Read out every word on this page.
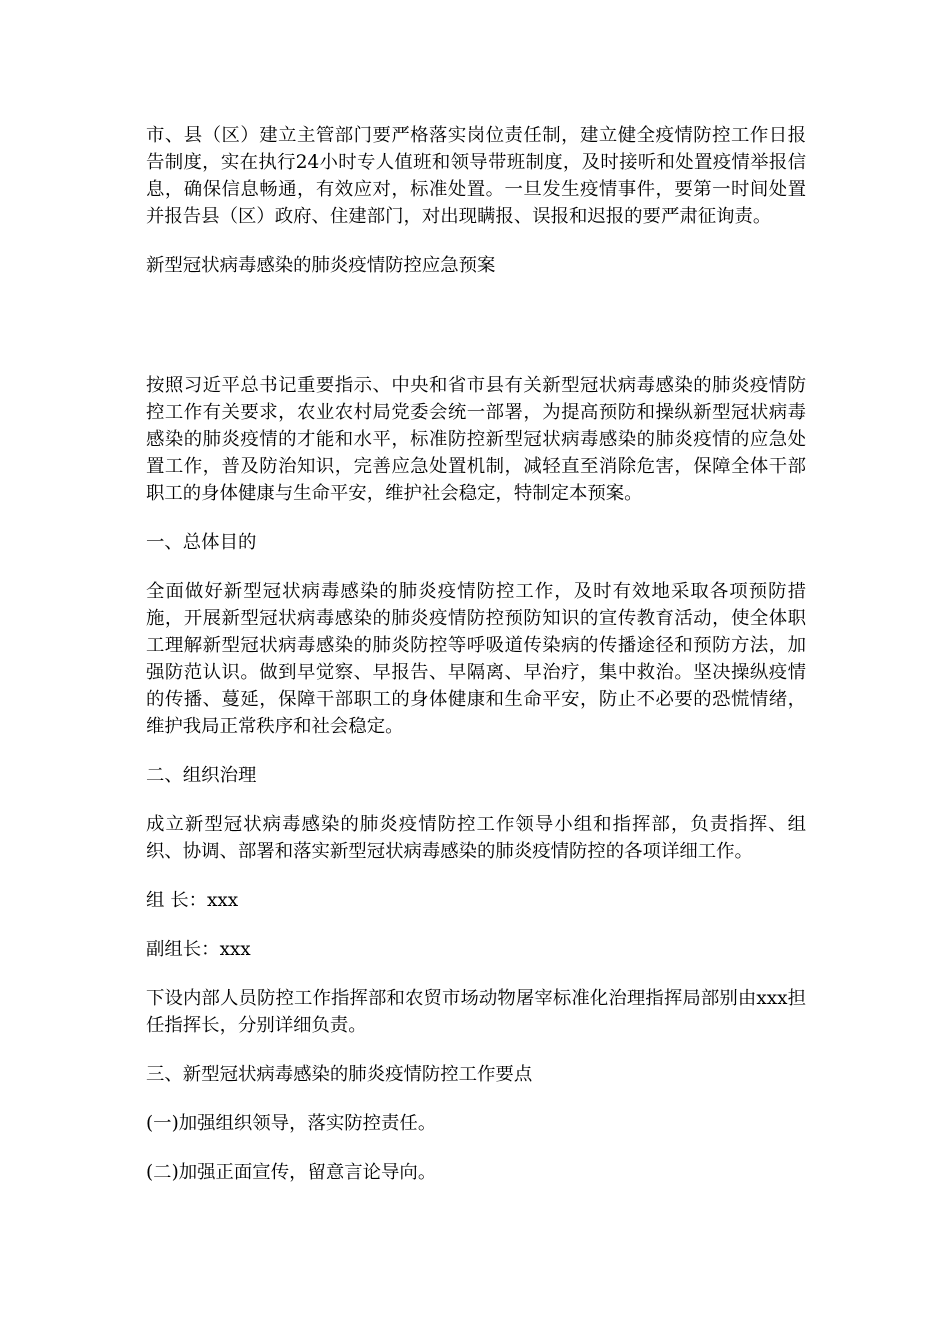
市、县（区）建立主管部门要严格落实岗位责任制，建立健全疫情防控工作日报告制度，实在执行24小时专人值班和领导带班制度，及时接听和处置疫情举报信息，确保信息畅通，有效应对，标准处置。一旦发生疫情事件，要第一时间处置并报告县（区）政府、住建部门，对出现瞒报、误报和迟报的要严肃征询责。

新型冠状病毒感染的肺炎疫情防控应急预案

按照习近平总书记重要指示、中央和省市县有关新型冠状病毒感染的肺炎疫情防控工作有关要求，农业农村局党委会统一部署，为提高预防和操纵新型冠状病毒感染的肺炎疫情的才能和水平，标准防控新型冠状病毒感染的肺炎疫情的应急处置工作，普及防治知识，完善应急处置机制，减轻直至消除危害，保障全体干部职工的身体健康与生命平安，维护社会稳定，特制定本预案。

一、总体目的

全面做好新型冠状病毒感染的肺炎疫情防控工作，及时有效地采取各项预防措施，开展新型冠状病毒感染的肺炎疫情防控预防知识的宣传教育活动，使全体职工理解新型冠状病毒感染的肺炎防控等呼吸道传染病的传播途径和预防方法，加强防范认识。做到早觉察、早报告、早隔离、早治疗，集中救治。坚决操纵疫情的传播、蔓延，保障干部职工的身体健康和生命平安，防止不必要的恐慌情绪，维护我局正常秩序和社会稳定。

二、组织治理

成立新型冠状病毒感染的肺炎疫情防控工作领导小组和指挥部，负责指挥、组织、协调、部署和落实新型冠状病毒感染的肺炎疫情防控的各项详细工作。

组 长：xxx

副组长：xxx

下设内部人员防控工作指挥部和农贸市场动物屠宰标准化治理指挥局部别由xxx担任指挥长，分别详细负责。

三、新型冠状病毒感染的肺炎疫情防控工作要点

(一)加强组织领导，落实防控责任。

(二)加强正面宣传，留意言论导向。
